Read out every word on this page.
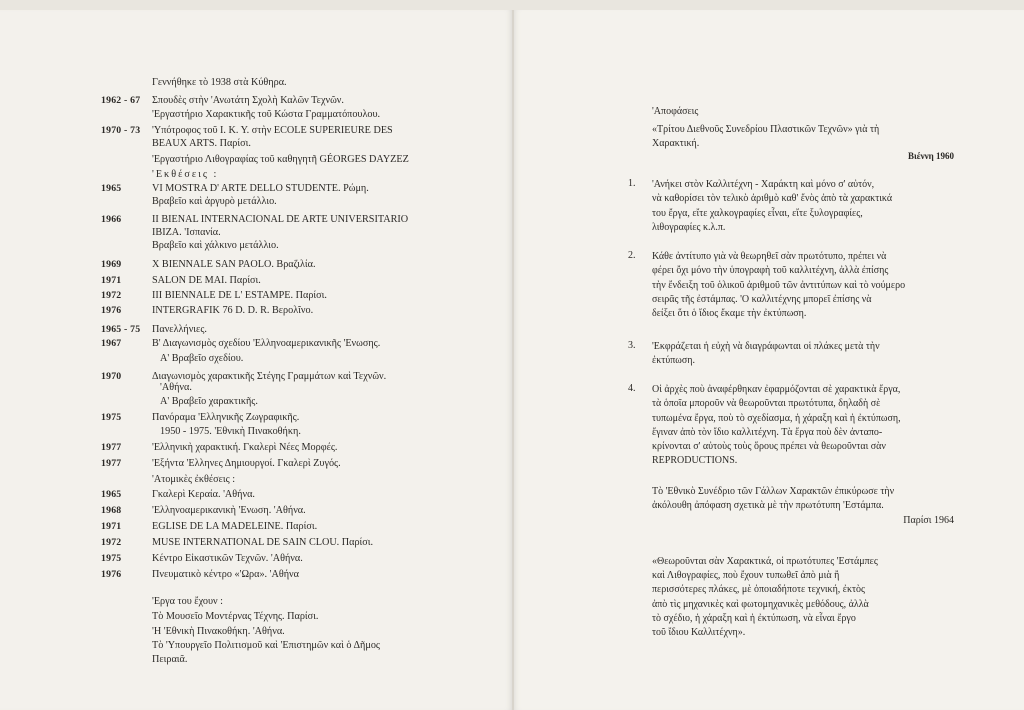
Γεννήθηκε τὸ 1938 στὰ Κύθηρα.
1962 - 67 Σπουδὲς στὴν 'Ανωτάτη Σχολὴ Καλῶν Τεχνῶν.
'Εργαστήριο Χαρακτικῆς τοῦ Κώστα Γραμματόπουλου.
1970 - 73 'Υπότροφος τοῦ Ι. Κ. Υ. στὴν ECOLE SUPERIEURE DES
BEAUX ARTS. Παρίσι.
'Εργαστήριο Λιθογραφίας τοῦ καθηγητῆ GÉORGES DAYZEZ
'Εκθέσεις :
1965	VI MOSTRA D' ARTE DELLO STUDENTE. Ρώμη.
Βραβεῖο καὶ ἀργυρὸ μετάλλιο.
1966	II BIENAL INTERNACIONAL DE ARTE UNIVERSITARIO
IBIZA. 'Ισπανία.
Βραβεῖο καὶ χάλκινο μετάλλιο.
1969	X BIENNALE SAN PAOLO. Βραζιλία.
1971	SALON DE MAI. Παρίσι.
1972	III BIENNALE DE L' ESTAMPE. Παρίσι.
1976	INTERGRAFIK 76 D. D. R. Βερολῖνο.
1965 - 75 Πανελλήνιες.
1967	Β' Διαγωνισμὸς σχεδίου 'Ελληνοαμερικανικῆς 'Ενωσης.
Α' Βραβεῖο σχεδίου.
1970	Διαγωνισμὸς χαρακτικῆς Στέγης Γραμμάτων καὶ Τεχνῶν.
'Αθήνα.
Α' Βραβεῖο χαρακτικῆς.
1975	Πανόραμα 'Ελληνικῆς Ζωγραφικῆς.
1950 - 1975. 'Εθνικὴ Πινακοθήκη.
1977	'Ελληνικὴ χαρακτική. Γκαλερὶ Νέες Μορφές.
1977	'Εξήντα 'Ελληνες Δημιουργοί. Γκαλερὶ Ζυγός.
'Ατομικὲς ἐκθέσεις :
1965	Γκαλερὶ Κεραία. 'Αθήνα.
1968	'Ελληνοαμερικανικὴ 'Ενωση. 'Αθήνα.
1971	EGLISE DE LA MADELEINE. Παρίσι.
1972	MUSE INTERNATIONAL DE SAIN CLOU. Παρίσι.
1975	Κέντρο Εἰκαστικῶν Τεχνῶν. 'Αθήνα.
1976	Πνευματικὸ κέντρο «'Ωρα». 'Αθήνα
'Εργα του ἔχουν :
Τὸ Μουσεῖο Μοντέρνας Τέχνης. Παρίσι.
'Η 'Εθνικὴ Πινακοθήκη. 'Αθήνα.
Τὸ 'Υπουργεῖο Πολιτισμοῦ καὶ 'Επιστημῶν καὶ ὁ Δῆμος
Πειραιᾶ.
'Αποφάσεις
«Τρίτου Διεθνοῦς Συνεδρίου Πλαστικῶν Τεχνῶν» γιὰ τὴ
Χαρακτική.
Βιέννη 1960
1. 'Ανήκει στὸν Καλλιτέχνη - Χαράκτη καὶ μόνο σ' αὐτόν,
νὰ καθορίσει τὸν τελικὸ ἀριθμὸ καθ' ἕνὸς ἀπὸ τὰ χαρακτικά
του ἔργα, εἴτε χαλκογραφίες εἶναι, εἴτε ξυλογραφίες,
λιθογραφίες κ.λ.π.
2. Κάθε ἀντίτυπο γιὰ νὰ θεωρηθεῖ σὰν πρωτότυπο, πρέπει νὰ
φέρει ὄχι μόνο τὴν ὑπογραφὴ τοῦ καλλιτέχνη, ἀλλὰ ἐπίσης
τὴν ἔνδειξη τοῦ ὁλικοῦ ἀριθμοῦ τῶν ἀντιτύπων καὶ τὸ νούμερο
σειρᾶς τῆς ἐστάμπας. 'Ο καλλιτέχνης μπορεῖ ἐπίσης νὰ
δείξει ὅτι ὁ ἴδιος ἔκαμε τὴν ἐκτύπωση.
3. 'Εκφράζεται ἡ εὐχὴ νὰ διαγράφωνται οἱ πλάκες μετὰ τὴν
ἐκτύπωση.
4. Οἱ ἀρχὲς ποὺ ἀναφέρθηκαν ἐφαρμόζονται σὲ χαρακτικὰ ἔργα,
τὰ ὁποῖα μποροῦν νὰ θεωροῦνται πρωτότυπα, δηλαδὴ σὲ
τυπωμένα ἔργα, ποὺ τὸ σχεδίασμα, ἡ χάραξη καὶ ἡ ἐκτύπωση,
ἔγιναν ἀπὸ τὸν ἴδιο καλλιτέχνη. Τὰ ἔργα ποὺ δὲν ἀνταπο-
κρίνονται σ' αὐτοὺς τοὺς ὅρους πρέπει νὰ θεωροῦνται σὰν
REPRODUCTIONS.
Τὸ 'Εθνικὸ Συνέδριο τῶν Γάλλων Χαρακτῶν ἐπικύρωσε τὴν
ἀκόλουθη ἀπόφαση σχετικὰ μὲ τὴν πρωτότυπη 'Εστάμπα.
Παρίσι 1964
«Θεωροῦνται σὰν Χαρακτικά, οἱ πρωτότυπες 'Εστάμπες
καὶ Λιθογραφίες, ποὺ ἔχουν τυπωθεῖ ἀπὸ μιὰ ἢ
περισσότερες πλάκες, μὲ ὁποιαδήποτε τεχνική, ἐκτὸς
ἀπὸ τὶς μηχανικὲς καὶ φωτομηχανικὲς μεθόδους, ἀλλὰ
τὸ σχέδιο, ἡ χάραξη καὶ ἡ ἐκτύπωση, νὰ εἶναι ἔργο
τοῦ ἴδιου Καλλιτέχνη».
